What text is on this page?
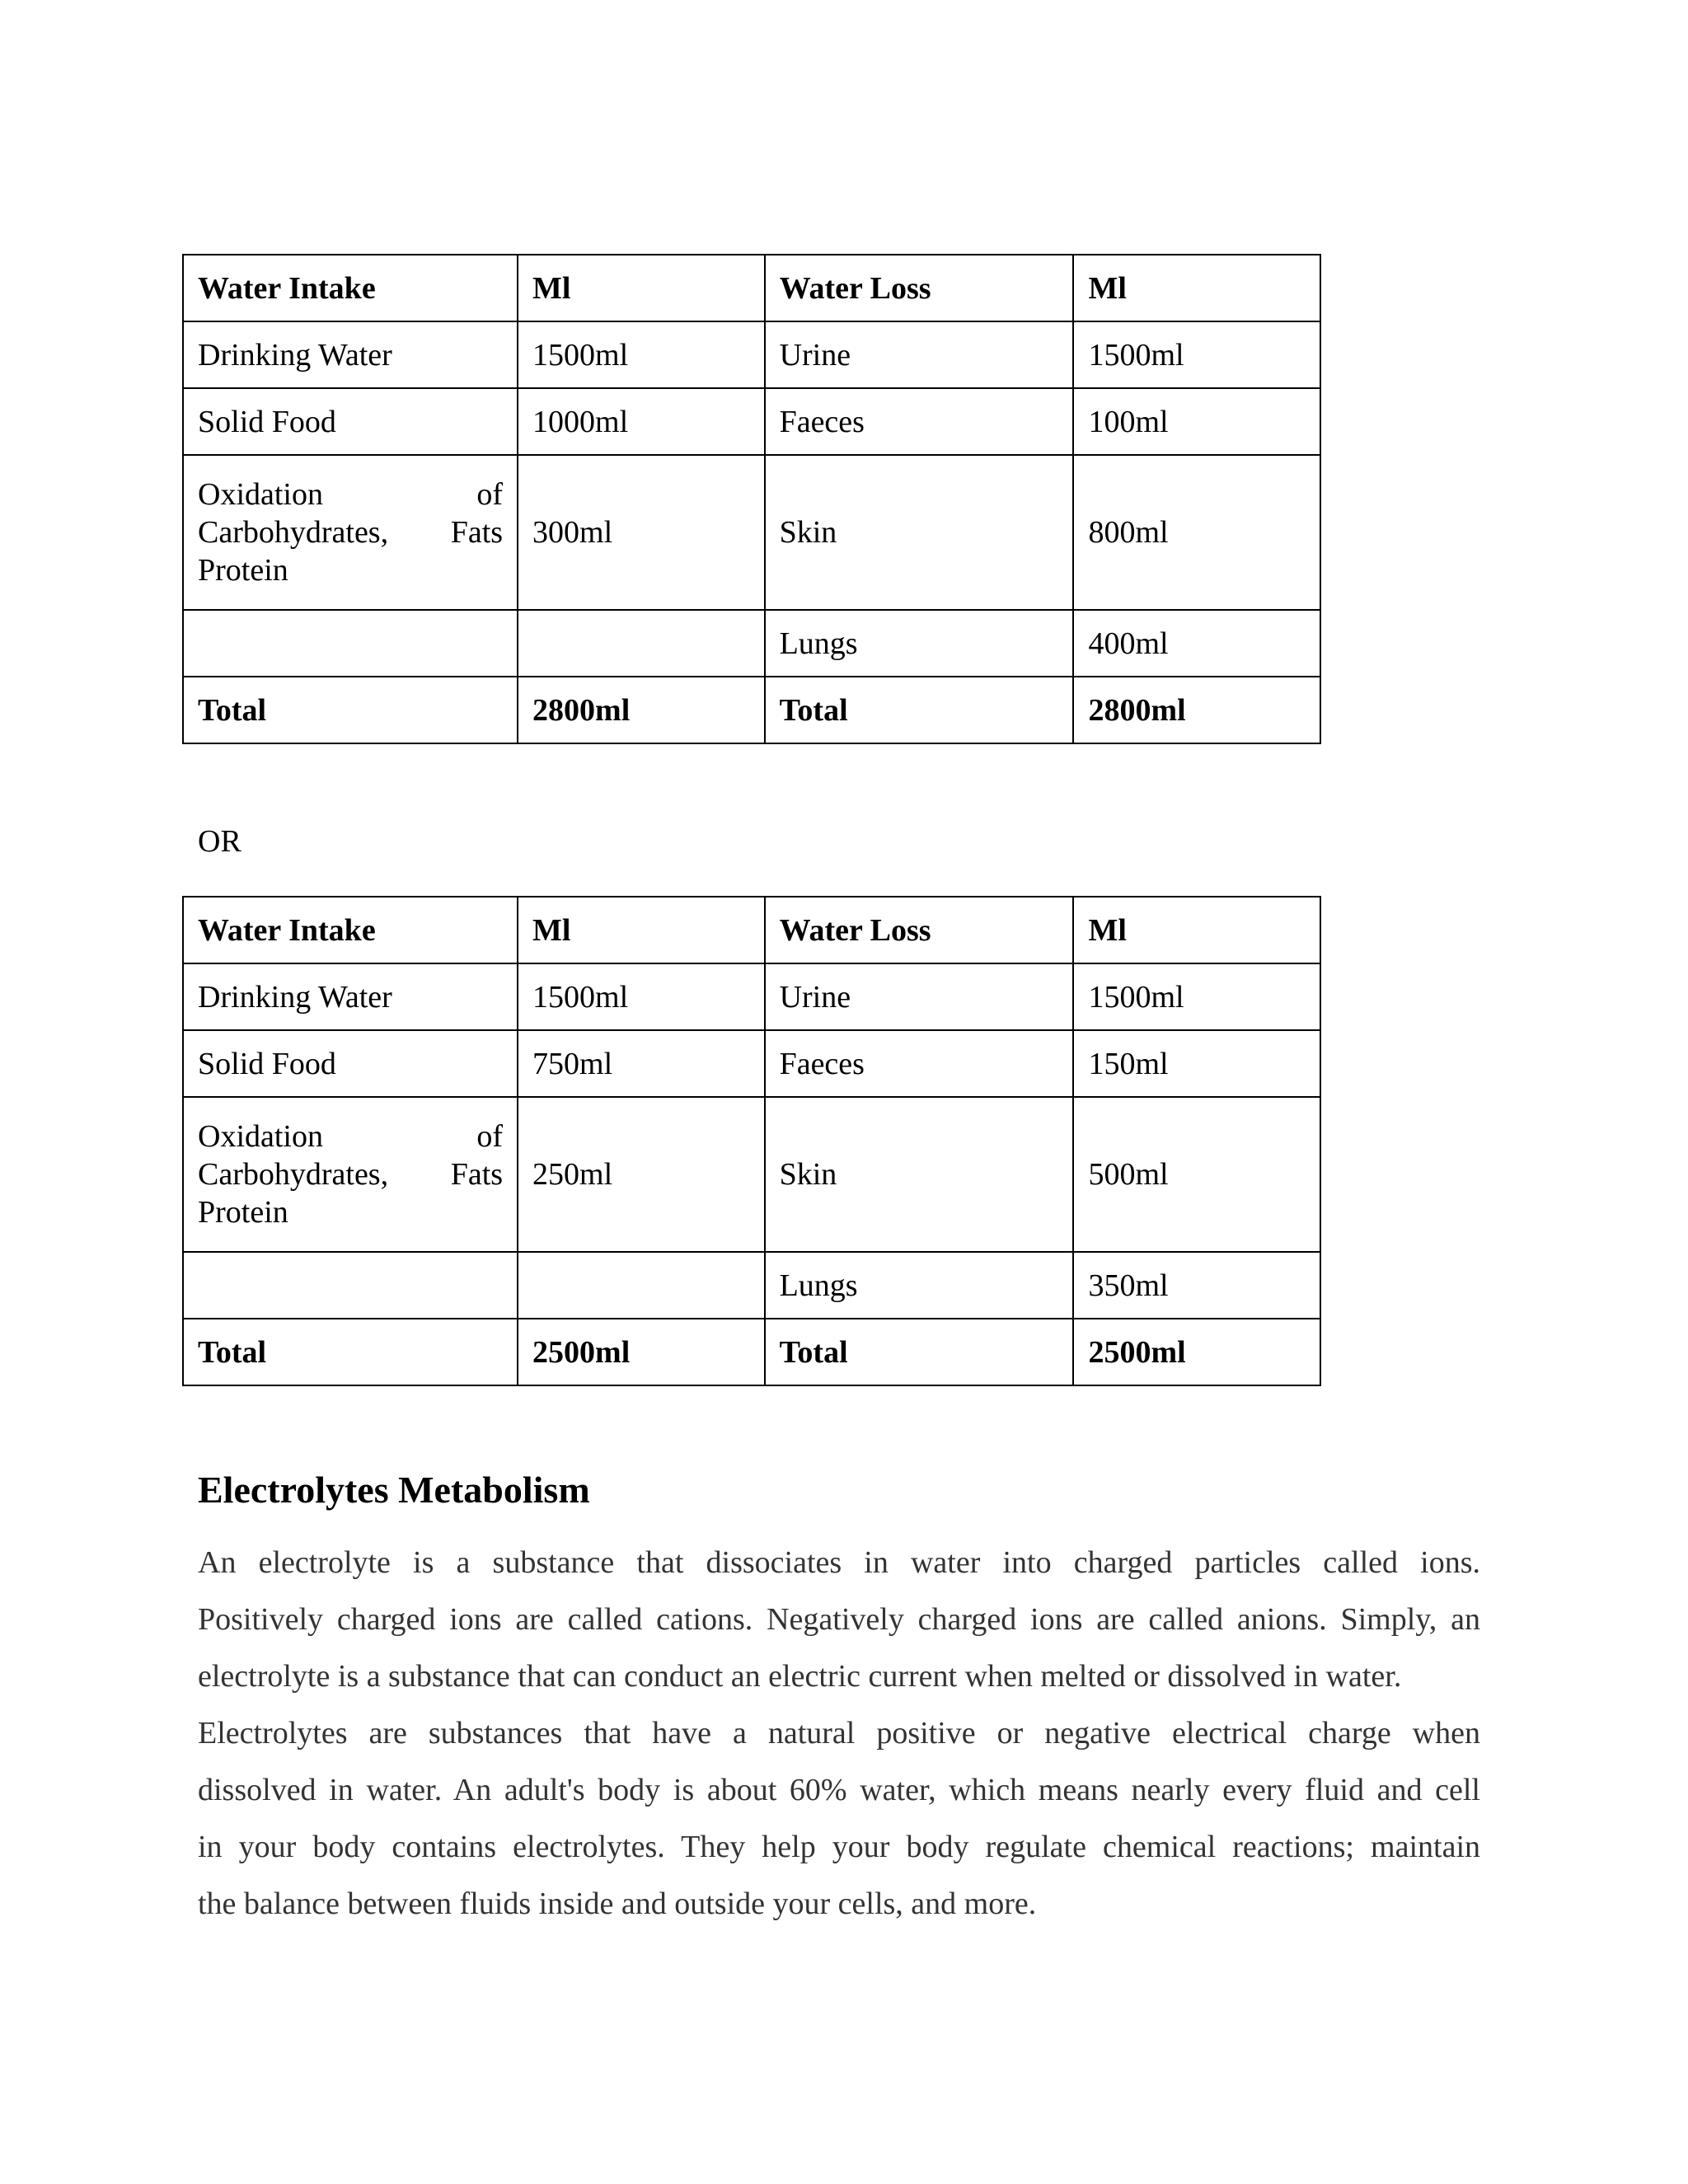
Water Intake	Ml	Water Loss	Ml
Drinking Water	1500ml	Urine	1500ml
Solid Food	1000ml	Faeces	100ml
Oxidation of Carbohydrates, Fats Protein	300ml	Skin	800ml
		Lungs	400ml
Total	2800ml	Total	2800ml
OR
Water Intake	Ml	Water Loss	Ml
Drinking Water	1500ml	Urine	1500ml
Solid Food	750ml	Faeces	150ml
Oxidation of Carbohydrates, Fats Protein	250ml	Skin	500ml
		Lungs	350ml
Total	2500ml	Total	2500ml
Electrolytes Metabolism
An electrolyte is a substance that dissociates in water into charged particles called ions.
Positively charged ions are called cations. Negatively charged ions are called anions. Simply, an
electrolyte is a substance that can conduct an electric current when melted or dissolved in water.
Electrolytes are substances that have a natural positive or negative electrical charge when
dissolved in water. An adult's body is about 60% water, which means nearly every fluid and cell
in your body contains electrolytes. They help your body regulate chemical reactions; maintain
the balance between fluids inside and outside your cells, and more.
